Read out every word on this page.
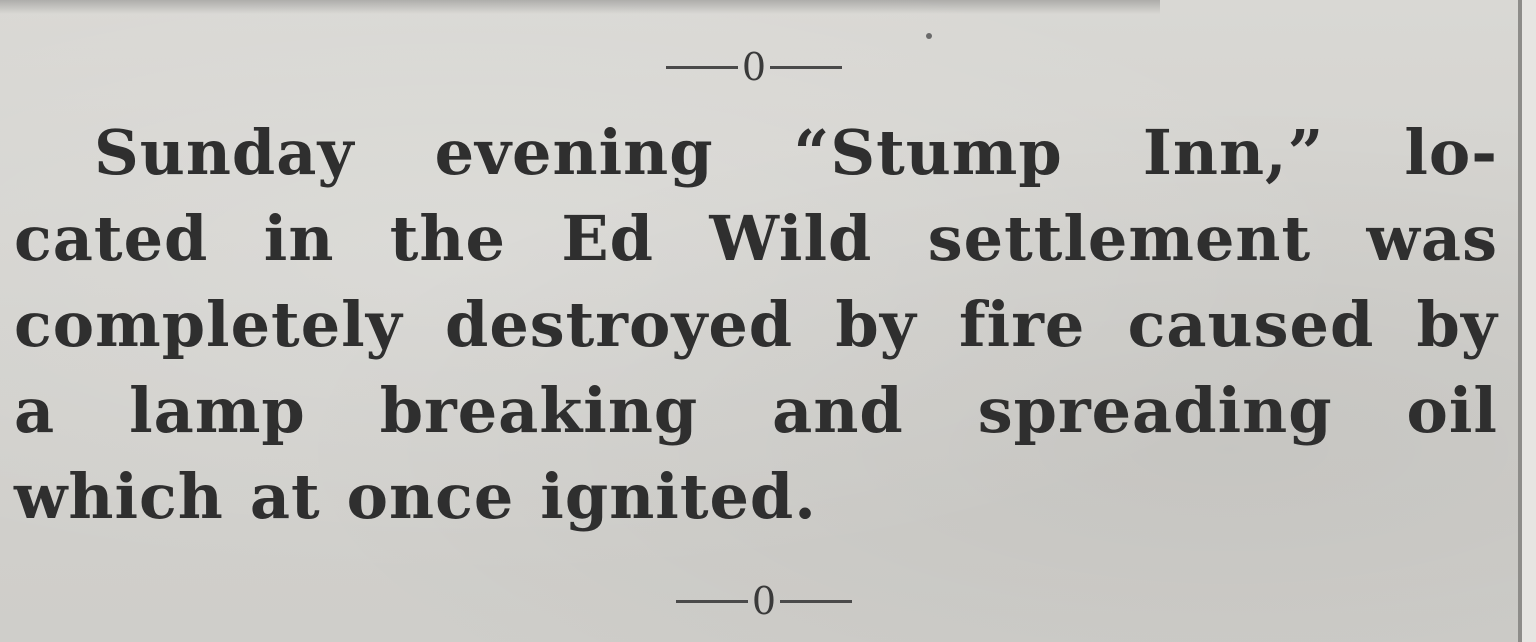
0
Sunday evening “Stump Inn,” lo-
cated in the Ed Wild settlement was
completely destroyed by fire caused by
a lamp breaking and spreading oil
which at once ignited.
0
